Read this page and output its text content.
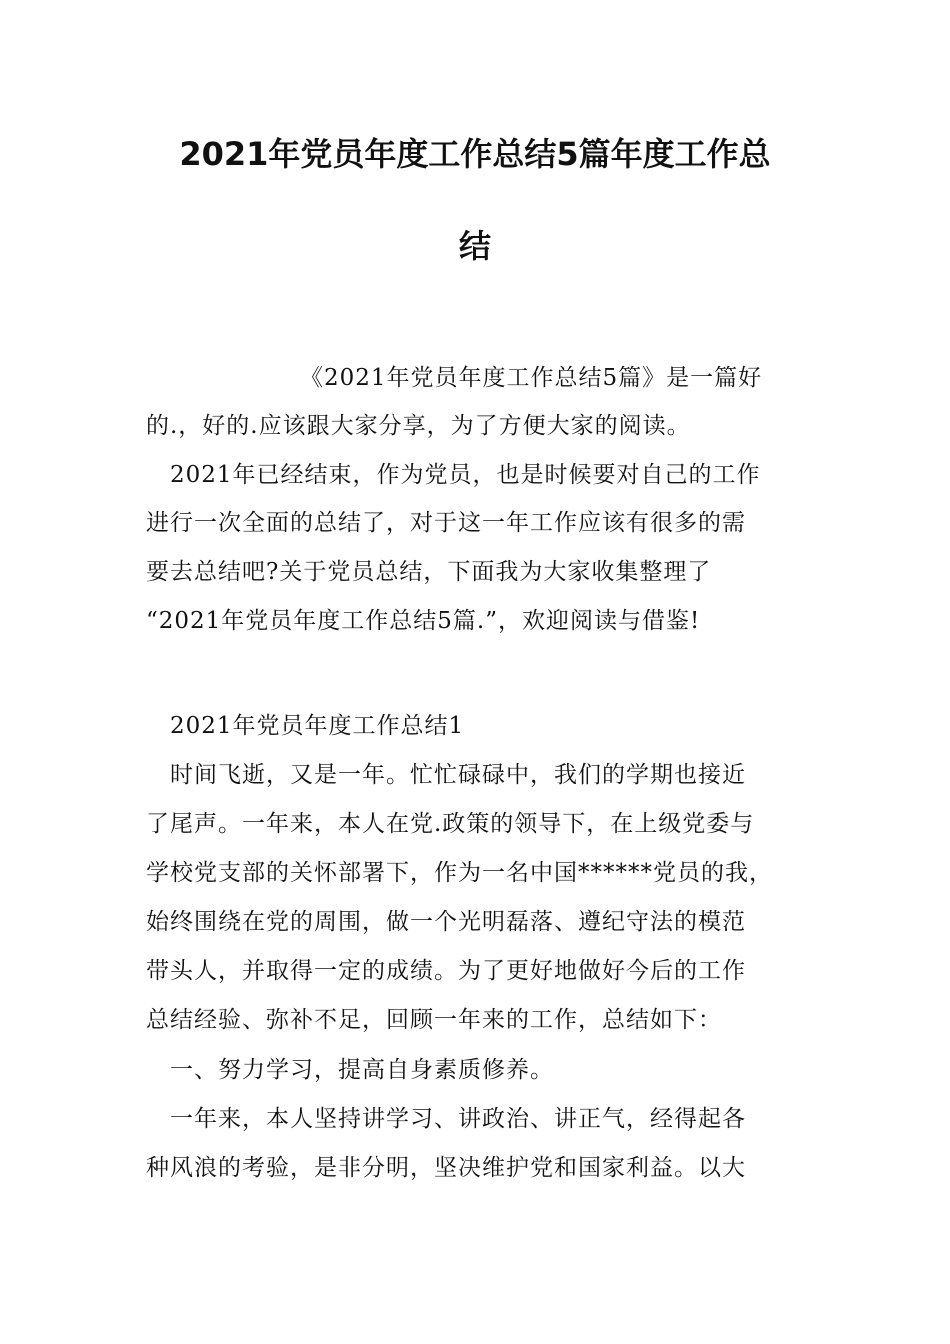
2021年党员年度工作总结5篇年度工作总
结
《2021年党员年度工作总结5篇》是一篇好
的.，好的.应该跟大家分享，为了方便大家的阅读。
2021年已经结束，作为党员，也是时候要对自己的工作
进行一次全面的总结了，对于这一年工作应该有很多的需
要去总结吧?关于党员总结，下面我为大家收集整理了
“2021年党员年度工作总结5篇.”，欢迎阅读与借鉴!
2021年党员年度工作总结1
时间飞逝，又是一年。忙忙碌碌中，我们的学期也接近
了尾声。一年来，本人在党.政策的领导下，在上级党委与
学校党支部的关怀部署下，作为一名中国******党员的我，
始终围绕在党的周围，做一个光明磊落、遵纪守法的模范
带头人，并取得一定的成绩。为了更好地做好今后的工作
总结经验、弥补不足，回顾一年来的工作，总结如下：
一、努力学习，提高自身素质修养。
一年来，本人坚持讲学习、讲政治、讲正气，经得起各
种风浪的考验，是非分明，坚决维护党和国家利益。以大
